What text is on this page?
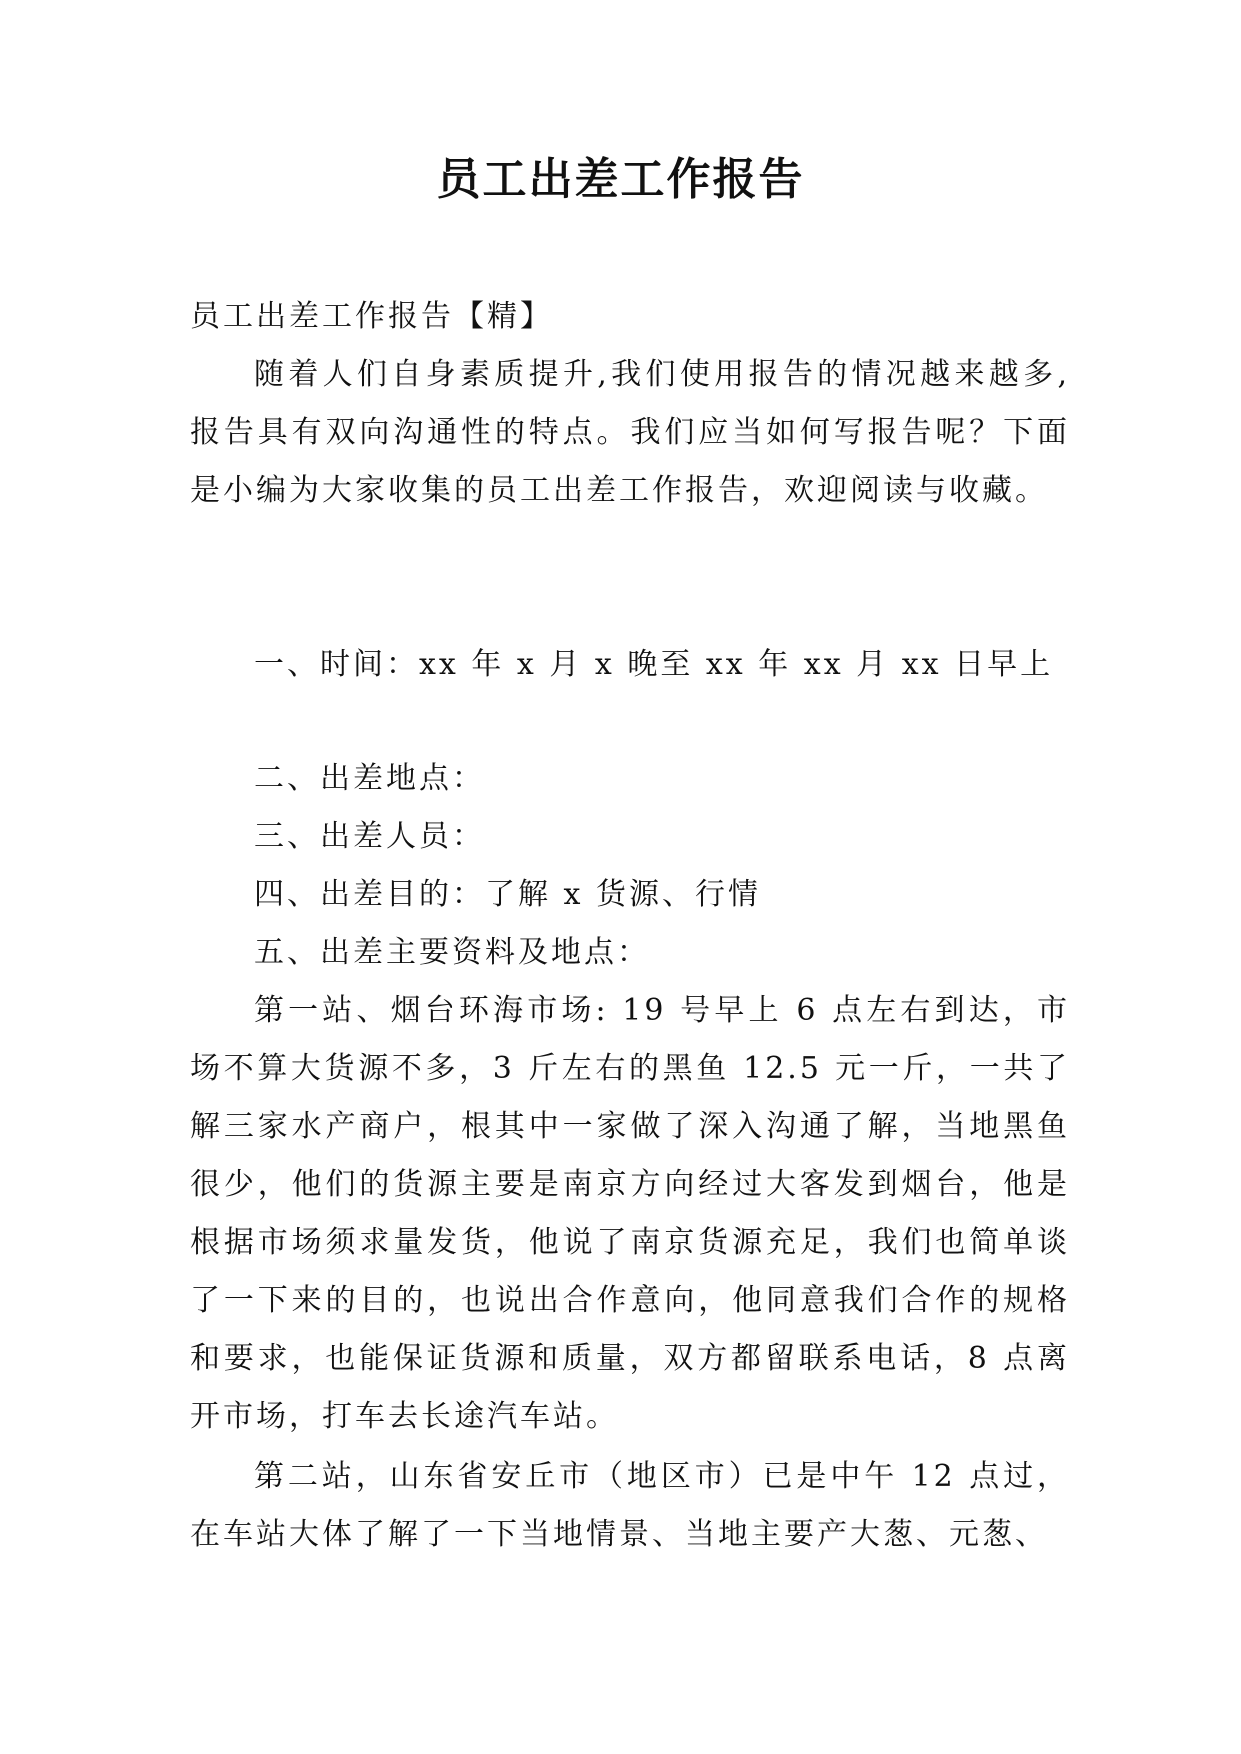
员工出差工作报告
员工出差工作报告【精】
随着人们自身素质提升,我们使用报告的情况越来越多,报告具有双向沟通性的特点。我们应当如何写报告呢？下面是小编为大家收集的员工出差工作报告，欢迎阅读与收藏。
一、时间：xx 年 x 月 x 晚至 xx 年 xx 月 xx 日早上
二、出差地点：
三、出差人员：
四、出差目的：了解 x 货源、行情
五、出差主要资料及地点：
第一站、烟台环海市场: 19 号早上 6 点左右到达，市场不算大货源不多，3 斤左右的黑鱼 12.5 元一斤，一共了解三家水产商户，根其中一家做了深入沟通了解，当地黑鱼很少，他们的货源主要是南京方向经过大客发到烟台，他是根据市场须求量发货，他说了南京货源充足，我们也简单谈了一下来的目的，也说出合作意向，他同意我们合作的规格和要求，也能保证货源和质量，双方都留联系电话，8 点离开市场，打车去长途汽车站。
第二站，山东省安丘市（地区市）已是中午 12 点过，在车站大体了解了一下当地情景、当地主要产大葱、元葱、
